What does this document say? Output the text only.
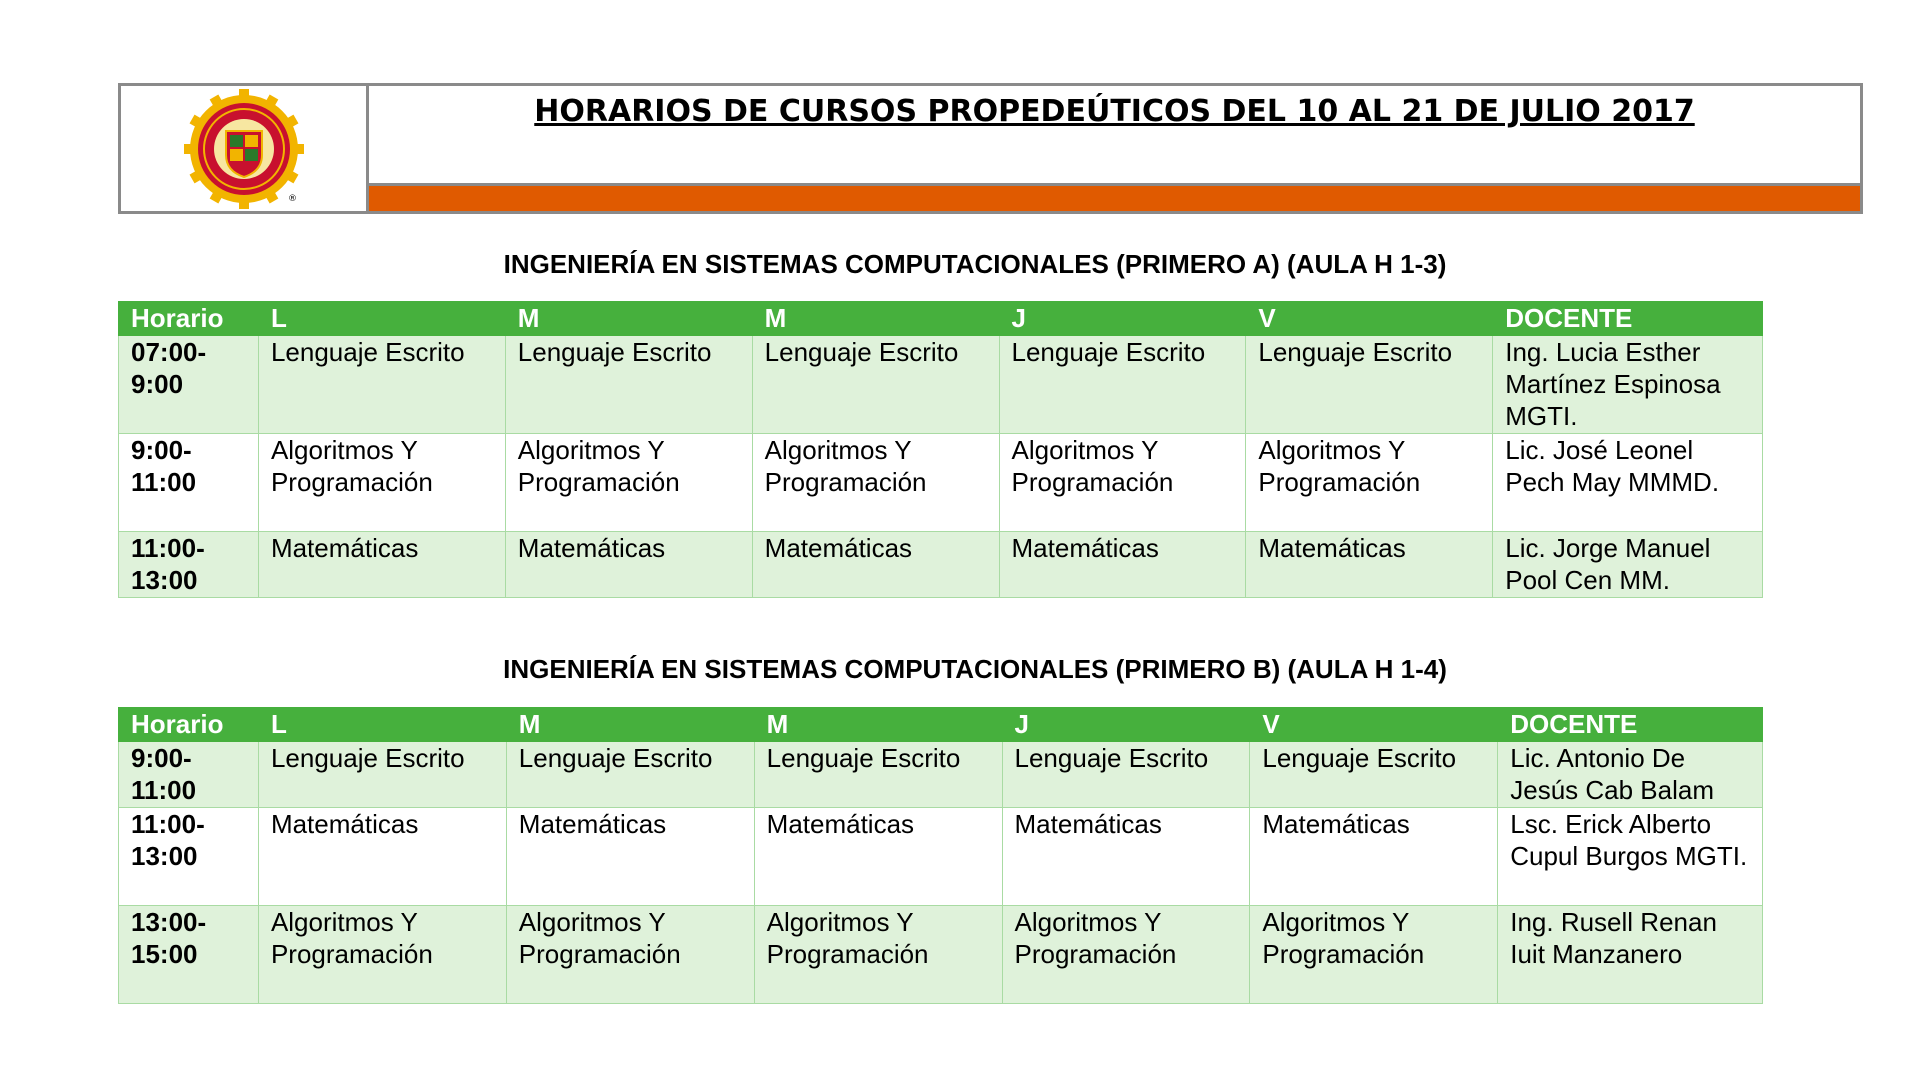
®
HORARIOS DE CURSOS PROPEDEÚTICOS DEL 10 AL 21 DE JULIO 2017
INGENIERÍA EN SISTEMAS COMPUTACIONALES (PRIMERO A) (AULA H 1-3)
Horario	L	M	M	J	V	DOCENTE
07:00-
9:00	Lenguaje Escrito	Lenguaje Escrito	Lenguaje Escrito	Lenguaje Escrito	Lenguaje Escrito	Ing. Lucia Esther Martínez Espinosa MGTI.
9:00-
11:00	Algoritmos Y Programación	Algoritmos Y Programación	Algoritmos Y Programación	Algoritmos Y Programación	Algoritmos Y Programación	Lic. José Leonel Pech May MMMD.
11:00-
13:00	Matemáticas	Matemáticas	Matemáticas	Matemáticas	Matemáticas	Lic. Jorge Manuel Pool Cen MM.
INGENIERÍA EN SISTEMAS COMPUTACIONALES (PRIMERO B) (AULA H 1-4)
Horario	L	M	M	J	V	DOCENTE
9:00-
11:00	Lenguaje Escrito	Lenguaje Escrito	Lenguaje Escrito	Lenguaje Escrito	Lenguaje Escrito	Lic. Antonio De Jesús Cab Balam
11:00-
13:00	Matemáticas	Matemáticas	Matemáticas	Matemáticas	Matemáticas	Lsc. Erick Alberto Cupul Burgos MGTI.
13:00-
15:00	Algoritmos Y Programación	Algoritmos Y Programación	Algoritmos Y Programación	Algoritmos Y Programación	Algoritmos Y Programación	Ing. Rusell Renan Iuit Manzanero
